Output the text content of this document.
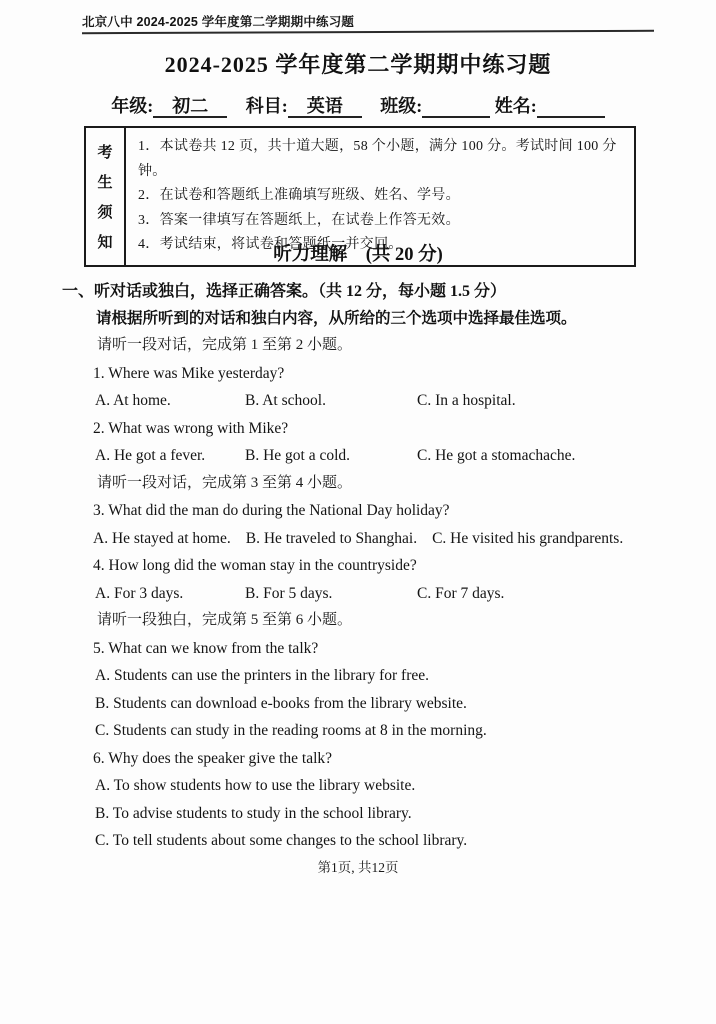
北京八中 2024-2025 学年度第二学期期中练习题
2024-2025 学年度第二学期期中练习题
年级: 初二 科目: 英语 班级:	姓名:
考
生
须
知
1．本试卷共 12 页，共十道大题，58 个小题，满分 100 分。考试时间 100 分钟。
2．在试卷和答题纸上准确填写班级、姓名、学号。
3．答案一律填写在答题纸上，在试卷上作答无效。
4．考试结束，将试卷和答题纸一并交回。
听力理解　(共 20 分)
一、听对话或独白，选择正确答案。（共 12 分，每小题 1.5 分）
请根据所听到的对话和独白内容，从所给的三个选项中选择最佳选项。
请听一段对话，完成第 1 至第 2 小题。
1. Where was Mike yesterday?
A. At home.	B. At school.	C. In a hospital.
2. What was wrong with Mike?
A. He got a fever.	B. He got a cold.	C. He got a stomachache.
请听一段对话，完成第 3 至第 4 小题。
3. What did the man do during the National Day holiday?
A. He stayed at home. B. He traveled to Shanghai. C. He visited his grandparents.
4. How long did the woman stay in the countryside?
A. For 3 days.	B. For 5 days.	C. For 7 days.
请听一段独白，完成第 5 至第 6 小题。
5. What can we know from the talk?
A. Students can use the printers in the library for free.
B. Students can download e-books from the library website.
C. Students can study in the reading rooms at 8 in the morning.
6. Why does the speaker give the talk?
A. To show students how to use the library website.
B. To advise students to study in the school library.
C. To tell students about some changes to the school library.
第1页, 共12页
